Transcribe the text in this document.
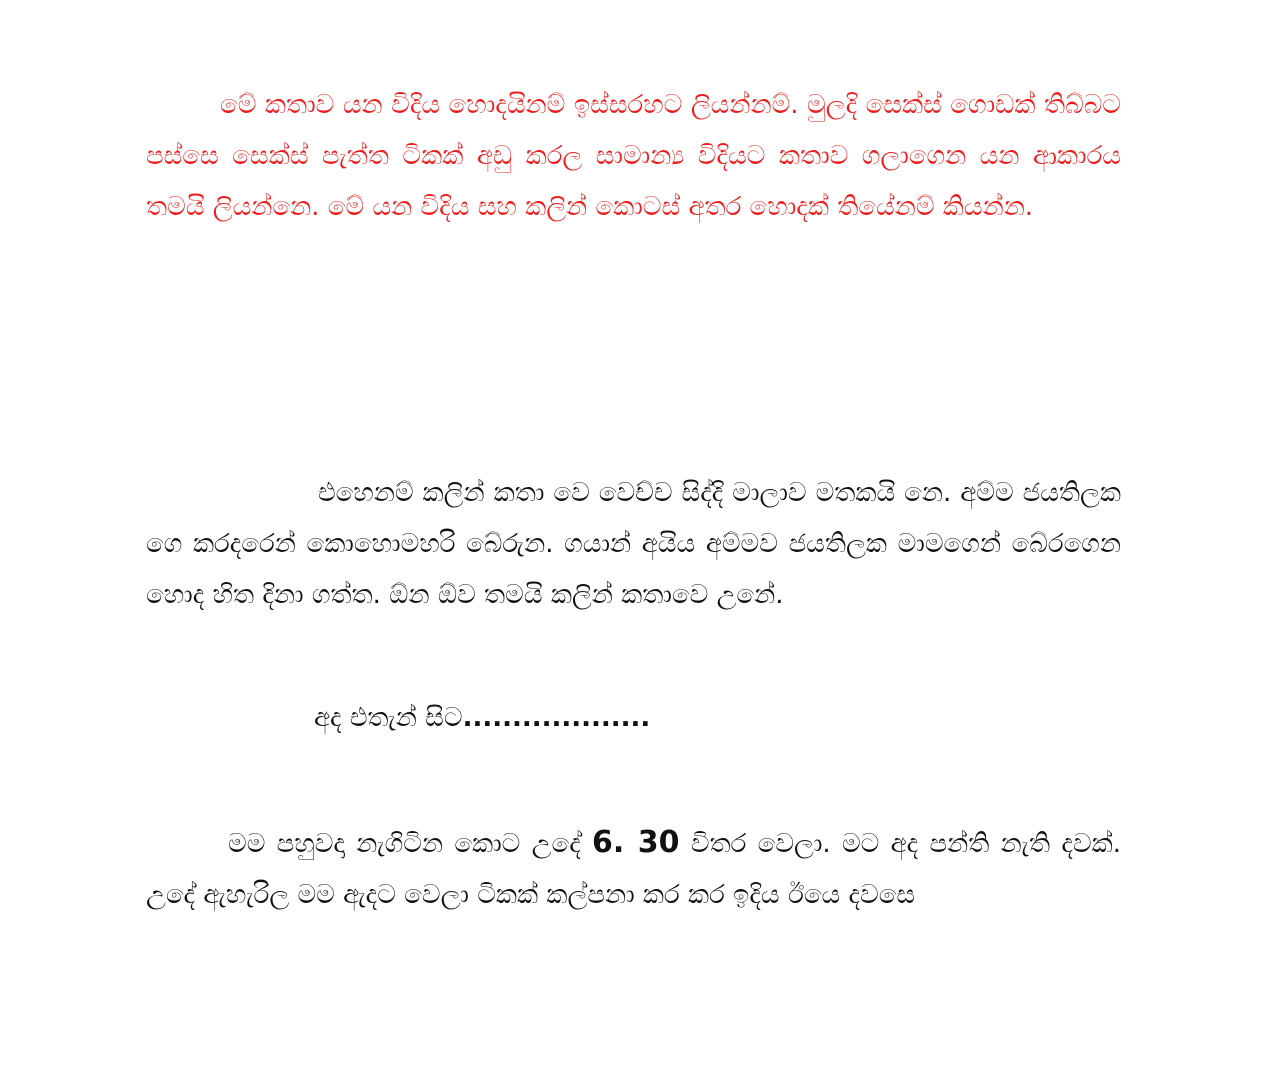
මේ කතාව යන විදිය හොදයිනම් ඉස්සරහට ලියන්නම්. මුලදි සෙක්ස් ගොඩක් තිබ්බට පස්සෙ සෙක්ස් පැත්ත ටිකක් අඩු කරල සාමාන්‍ය විදියට කතාව ගලාගෙන යන ආකාරය තමයි ලියන්නෙ. මේ යන විදිය සහ කලින් කොටස් අතර හොදක් තියේනම් කියන්න.

එහෙනම් කලින් කතා වෙ වෙච්ච සිද්දි මාලාව මතකයි නෙ. අම්ම ජයතිලක ගෙ කරදරෙන් කොහොමහරි බේරුන. ගයාන් අයිය අම්මව ජයතිලක මාමගෙන් බේරගෙන හොද හිත දිනා ගත්ත. ඕන ඕව තමයි කලින් කතාවෙ උනේ.

අද එතැන් සිට...................

මම පහුවදා නැගිටින කොට උදේ 6. 30 විතර වෙලා. මට අද පන්ති නැති දවක්. උදේ ඇහැරිල මම ඇදට වෙලා ටිකක් කල්පනා කර කර ඉදිය ඊයෙ දවසෙ
